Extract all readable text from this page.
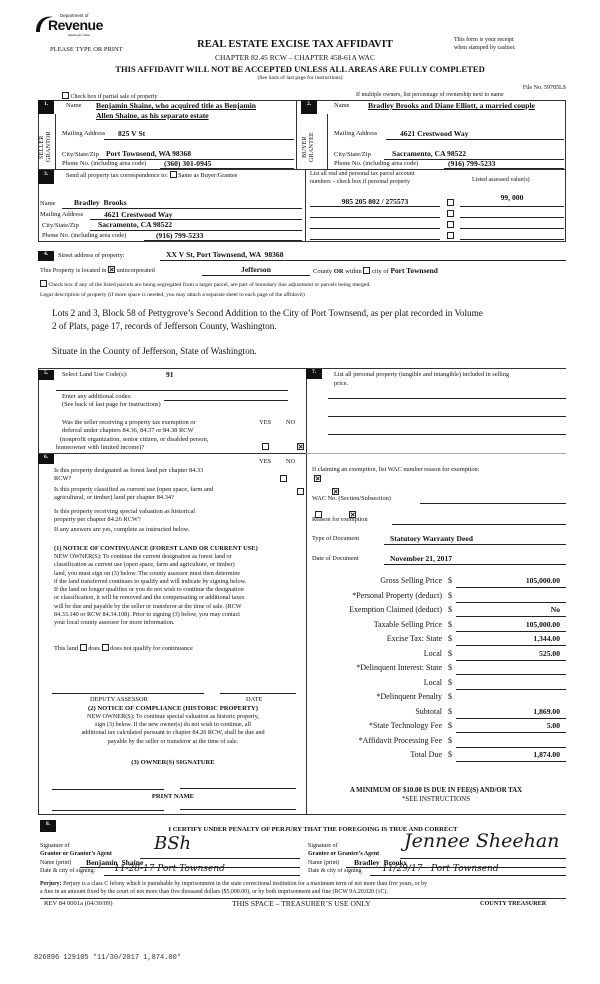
Department of
Revenue
Washington State
PLEASE TYPE OR PRINT	REAL ESTATE EXCISE TAX AFFIDAVIT
CHAPTER 82.45 RCW – CHAPTER 458-61A WAC
This form is your receipt
when stamped by cashier.
THIS AFFIDAVIT WILL NOT BE ACCEPTED UNLESS ALL AREAS ARE FULLY COMPLETED
(See back of last page for instructions)
File No. 59785LS
Check box if partial sale of property	If multiple owners, list percentage of ownership next to name
1.
SELLER
GRANTOR
Name Benjamin Shaine, who acquired title as Benjamin
Allen Shaine, as his separate estate
Mailing Address 825 V St
City/State/Zip Port Townsend, WA 98368
Phone No. (including area code) (360) 301-0945
2.
BUYER
GRANTEE
Name Bradley Brooks and Diane Elliott, a married couple
Mailing Address	4621 Crestwood Way
City/State/Zip	Sacramento, CA 98522
Phone No. (including area code)	(916) 799-5233
3.	Send all property tax correspondence to: Same as Buyer/Grantee
Name Bradley  Brooks
Mailing Address	4621 Crestwood Way
City/State/Zip	Sacramento, CA 98522
Phone No. (including area code)	(916) 799-5233
List all real and personal tax parcel account
numbers – check box if personal property	Listed assessed value(s)
985 205 802 / 275573	99, 000
4.	Street address of property:	XX V St, Port Townsend, WA  98368
This Property is located in unincorporated	Jefferson	County OR within city of Port Townsend
Check box if any of the listed parcels are being segregated from a larger parcel, are part of boundary line adjustment or parcels being merged.
Legal description of property (if more space is needed, you may attach a separate sheet to each page of the affidavit)
Lots 2 and 3, Block 58 of Pettygrove’s Second Addition to the City of Port Townsend, as per plat recorded in Volume
2 of Plats, page 17, records of Jefferson County, Washington.
Situate in the County of Jefferson, State of Washington.
5.	Select Land Use Code(s):	91
Enter any additional codes:
(See back of last page for instructions)
YES NO
Was the seller receiving a property tax exemption or
deferral under chapters 84.36, 84.37 or 84.38 RCW
(nonprofit organization, senior citizen, or disabled person,
homeowner with limited income)?

6.
YES NO
Is this property designated as forest land per chapter 84.33
RCW?

Is this property classified as current use (open space, farm and
agricultural, or timber) land per chapter 84.34?

Is this property receiving special valuation as historical
property per chapter 84.26 RCW?

If any answers are yes, complete as instructed below.
(1) NOTICE OF CONTINUANCE (FOREST LAND OR CURRENT USE)
NEW OWNER(S): To continue the current designation as forest land or
classification as current use (open space, farm and agriculture, or timber)
land, you must sign on (3) below. The county assessor must then determine
if the land transferred continues to qualify and will indicate by signing below.
If the land no longer qualifies or you do not wish to continue the designation
or classification, it will be removed and the compensating or additional taxes
will be due and payable by the seller or transferor at the time of sale. (RCW
84.33.140 or RCW 84.34.108). Prior to signing (3) below, you may contact
your local county assessor for more information.
This land does does not qualify for continuance
DEPUTY ASSESSOR	DATE
(2) NOTICE OF COMPLIANCE (HISTORIC PROPERTY)
NEW OWNER(S): To continue special valuation as historic property,
sign (3) below. If the new owner(s) do not wish to continue, all
additional tax calculated pursuant to chapter 84.26 RCW, shall be due and
payable by the seller or transferor at the time of sale.
(3) OWNER(S) SIGNATURE
PRINT NAME
7.	List all personal property (tangible and intangible) included in selling
price.
If claiming an exemption, list WAC number reason for exemption:
WAC No. (Section/Subsection)
Reason for exemption
Type of Document	Statutory Warranty Deed
Date of Document	November 21, 2017
Gross Selling Price $	105,000.00
*Personal Property (deduct) $
Exemption Claimed (deduct) $	No
Taxable Selling Price $	105,000.00
Excise Tax: State $	1,344.00
Local $	525.00
*Delinquent Interest: State $
Local $
*Delinquent Penalty $
Subtotal $	1,869.00
*State Technology Fee $	5.00
*Affidavit Processing Fee $
Total Due $	1,874.00
A MINIMUM OF $10.00 IS DUE IN FEE(S) AND/OR TAX
*SEE INSTRUCTIONS
8.
I CERTIFY UNDER PENALTY OF PERJURY THAT THE FOREGOING IS TRUE AND CORRECT
Signature of
Grantor or Grantor’s Agent BSh
Name (print) Benjamin  Shaine
Date & city of signing: 11-28-17 Port Townsend
Signature of
Grantee or Grantee’s Agent
Jennee Sheehan
Name (print) Bradley  Brooks
Date & city of signing 11/29/17   Port Townsend
Perjury: Perjury is a class C felony which is punishable by imprisonment in the state correctional institution for a maximum term of not more than five years, or by
a fine in an amount fixed by the court of not more than five thousand dollars ($5,000.00), or by both imprisonment and fine (RCW 9A.20.020 (1C).
REV 84 0001a (04/30/09)	THIS SPACE – TREASURER’S USE ONLY	COUNTY TREASURER
826896 129105 *11/30/2017 1,874.00*
